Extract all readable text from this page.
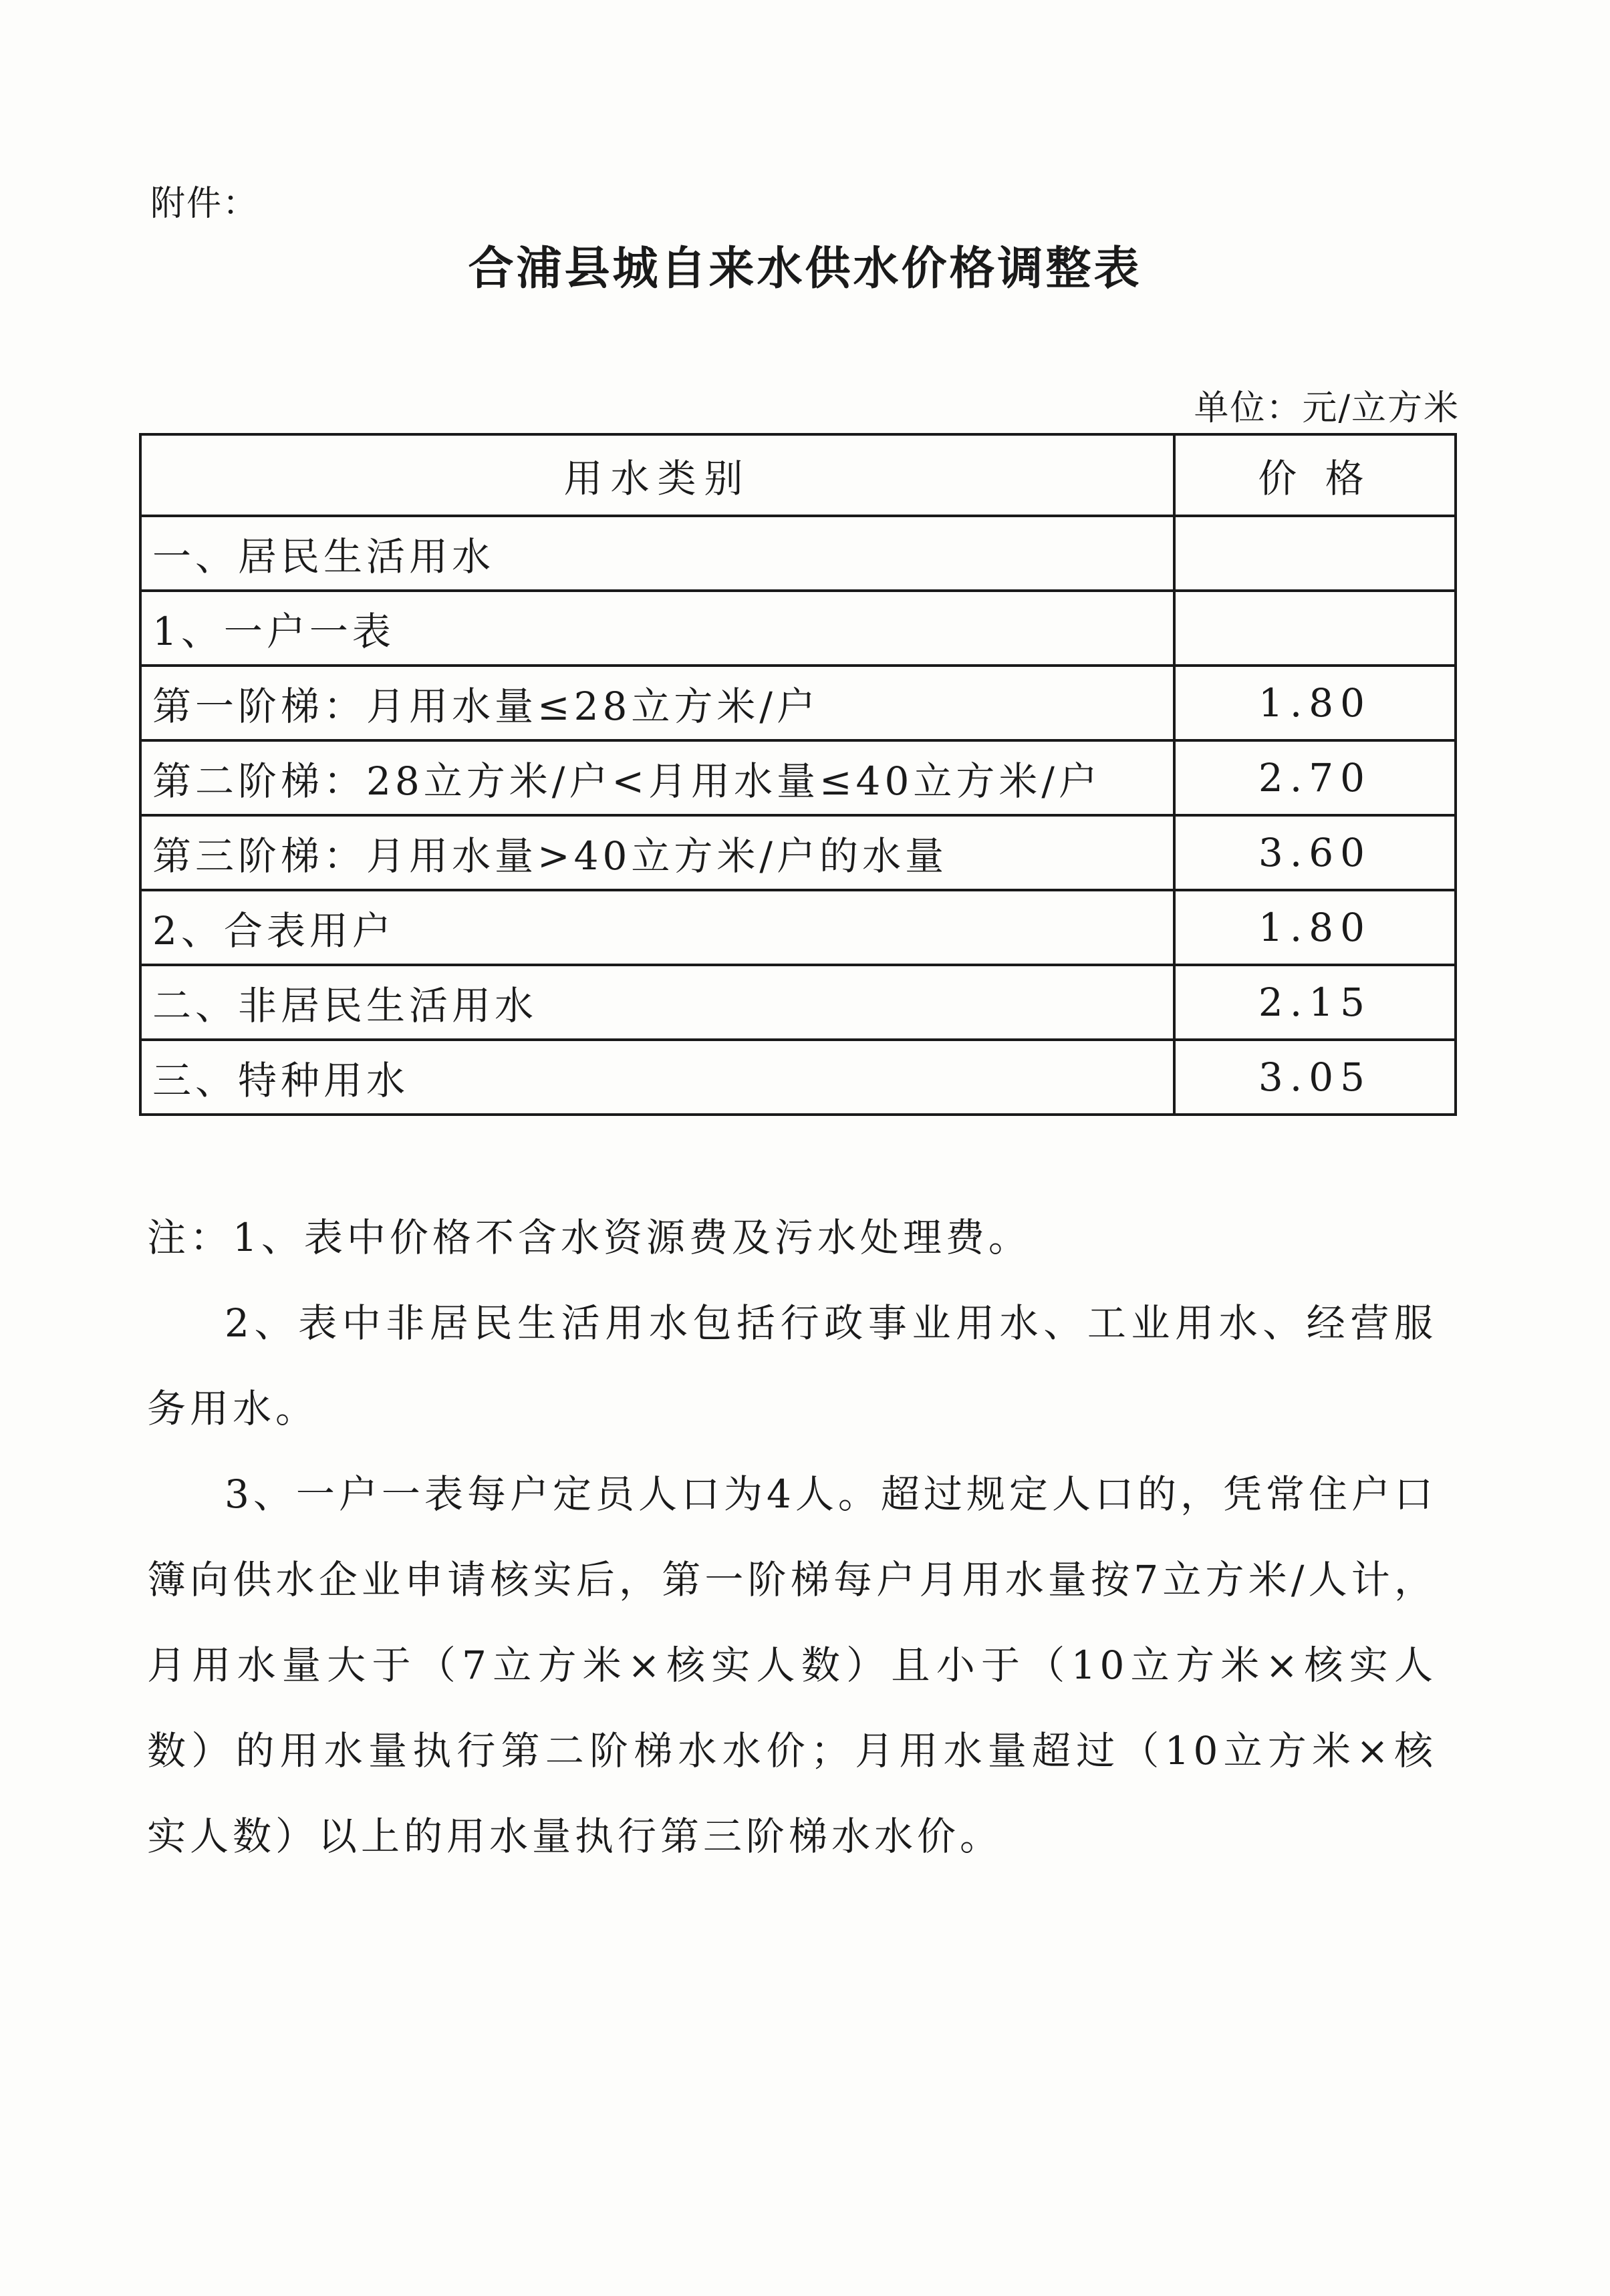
附件：
合浦县城自来水供水价格调整表
单位：元/立方米
用水类别	价 格
一、居民生活用水	
1、一户一表	
第一阶梯：月用水量≤28立方米/户	1.80
第二阶梯：28立方米/户<月用水量≤40立方米/户	2.70
第三阶梯：月用水量>40立方米/户的水量	3.60
2、合表用户	1.80
二、非居民生活用水	2.15
三、特种用水	3.05

注：1、表中价格不含水资源费及污水处理费。

2、表中非居民生活用水包括行政事业用水、工业用水、经营服务用水。

3、一户一表每户定员人口为4人。超过规定人口的，凭常住户口簿向供水企业申请核实后，第一阶梯每户月用水量按7立方米/人计，月用水量大于（7立方米×核实人数）且小于（10立方米×核实人数）的用水量执行第二阶梯水水价；月用水量超过（10立方米×核实人数）以上的用水量执行第三阶梯水水价。
